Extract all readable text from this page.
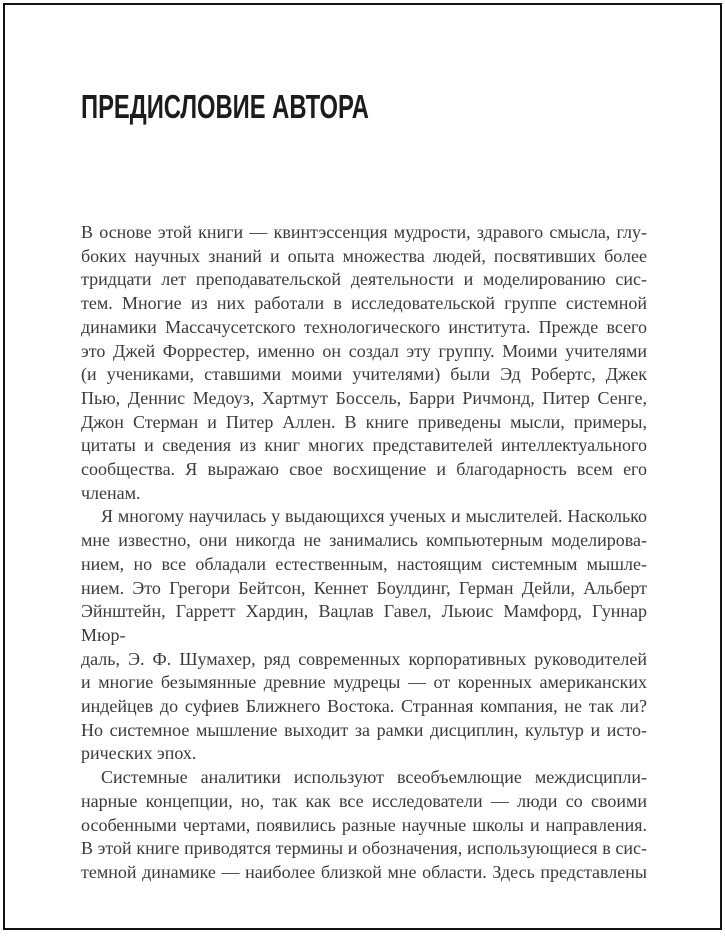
ПРЕДИСЛОВИЕ АВТОРА
В основе этой книги — квинтэссенция мудрости, здравого смысла, глу-
боких научных знаний и опыта множества людей, посвятивших более
тридцати лет преподавательской деятельности и моделированию сис-
тем. Многие из них работали в исследовательской группе системной
динамики Массачусетского технологического института. Прежде всего
это Джей Форрестер, именно он создал эту группу. Моими учителями
(и учениками, ставшими моими учителями) были Эд Робертс, Джек
Пью, Деннис Медоуз, Хартмут Боссель, Барри Ричмонд, Питер Сенге,
Джон Стерман и Питер Аллен. В книге приведены мысли, примеры,
цитаты и сведения из книг многих представителей интеллектуального
сообщества. Я выражаю свое восхищение и благодарность всем его
членам.
Я многому научилась у выдающихся ученых и мыслителей. Насколько
мне известно, они никогда не занимались компьютерным моделирова-
нием, но все обладали естественным, настоящим системным мышле-
нием. Это Грегори Бейтсон, Кеннет Боулдинг, Герман Дейли, Альберт
Эйнштейн, Гарретт Хардин, Вацлав Гавел, Льюис Мамфорд, Гуннар Мюр-
даль, Э. Ф. Шумахер, ряд современных корпоративных руководителей
и многие безымянные древние мудрецы — от коренных американских
индейцев до суфиев Ближнего Востока. Странная компания, не так ли?
Но системное мышление выходит за рамки дисциплин, культур и исто-
рических эпох.
Системные аналитики используют всеобъемлющие междисципли-
нарные концепции, но, так как все исследователи — люди со своими
особенными чертами, появились разные научные школы и направления.
В этой книге приводятся термины и обозначения, использующиеся в сис-
темной динамике — наиболее близкой мне области. Здесь представлены
